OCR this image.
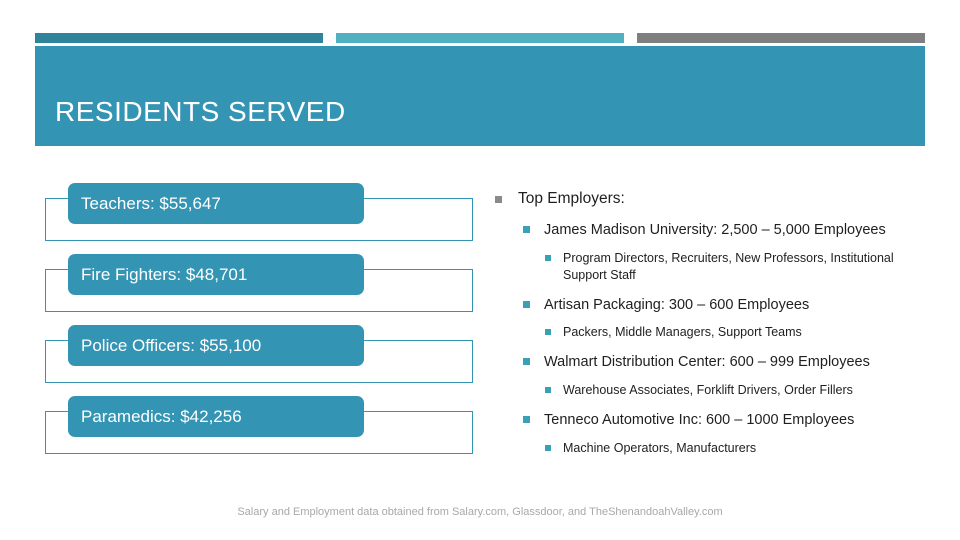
RESIDENTS SERVED
Teachers: $55,647
Fire Fighters: $48,701
Police Officers: $55,100
Paramedics: $42,256
Top Employers:
James Madison University: 2,500 – 5,000 Employees
Program Directors, Recruiters, New Professors, Institutional Support Staff
Artisan Packaging: 300 – 600 Employees
Packers, Middle Managers, Support Teams
Walmart Distribution Center: 600 – 999 Employees
Warehouse Associates, Forklift Drivers, Order Fillers
Tenneco Automotive Inc: 600 – 1000 Employees
Machine Operators, Manufacturers
Salary and Employment data obtained from Salary.com, Glassdoor, and TheShenandoahValley.com
